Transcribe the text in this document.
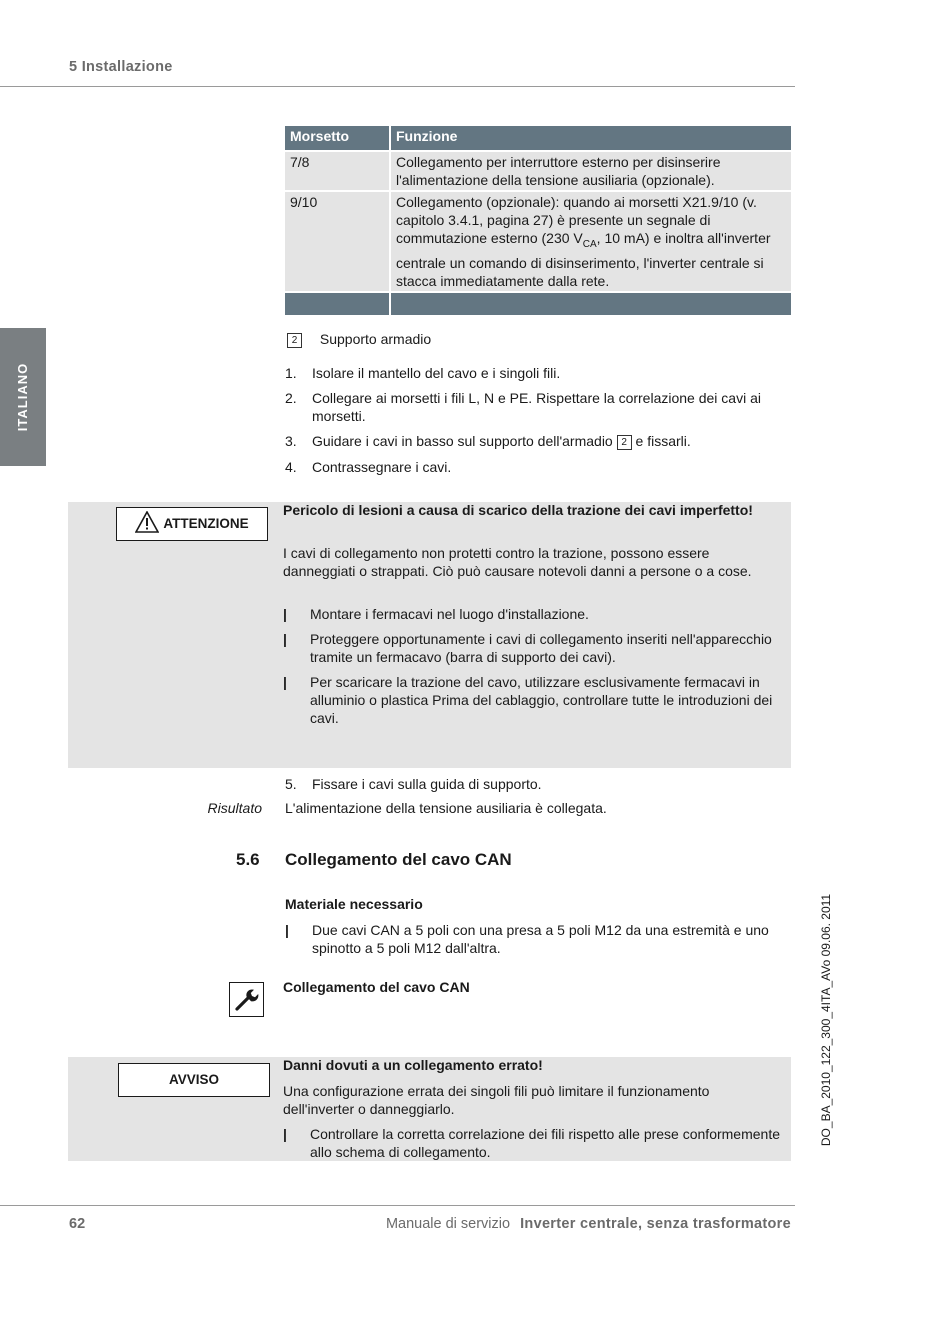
5 Installazione
ITALIANO
DO_BA_2010_122_300_4ITA_AVo 09.06. 2011
Morsetto	Funzione
7/8	Collegamento per interruttore esterno per disinserire l'alimentazione della tensione ausiliaria (opzionale).
9/10	Collegamento (opzionale): quando ai morsetti X21.9/10 (v. capitolo 3.4.1, pagina 27) è presente un segnale di commutazione esterno (230 $V_{CA}$, 10 mA) e inoltra all'inverter centrale un comando di disinserimento, l'inverter centrale si stacca immediatamente dalla rete.

2 Supporto armadio
1. Isolare il mantello del cavo e i singoli fili.
2. Collegare ai morsetti i fili L, N e PE. Rispettare la correlazione dei cavi ai morsetti.
3. Guidare i cavi in basso sul supporto dell'armadio 2 e fissarli.
4. Contrassegnare i cavi.
ATTENZIONE
Pericolo di lesioni a causa di scarico della trazione dei cavi imperfetto!
I cavi di collegamento non protetti contro la trazione, possono essere danneggiati o strappati. Ciò può causare notevoli danni a persone o a cose.
| Montare i fermacavi nel luogo d'installazione.
| Proteggere opportunamente i cavi di collegamento inseriti nell'apparecchio tramite un fermacavo (barra di supporto dei cavi).
| Per scaricare la trazione del cavo, utilizzare esclusivamente fermacavi in alluminio o plastica Prima del cablaggio, controllare tutte le introduzioni dei cavi.
5. Fissare i cavi sulla guida di supporto.
Risultato L'alimentazione della tensione ausiliaria è collegata.
5.6 Collegamento del cavo CAN
Materiale necessario
| Due cavi CAN a 5 poli con una presa a 5 poli M12 da una estremità e uno spinotto a 5 poli M12 dall'altra.
Collegamento del cavo CAN
AVVISO
Danni dovuti a un collegamento errato!
Una configurazione errata dei singoli fili può limitare il funzionamento dell'inverter o danneggiarlo.
| Controllare la corretta correlazione dei fili rispetto alle prese conformemente allo schema di collegamento.
62	Manuale di servizio Inverter centrale, senza trasformatore
